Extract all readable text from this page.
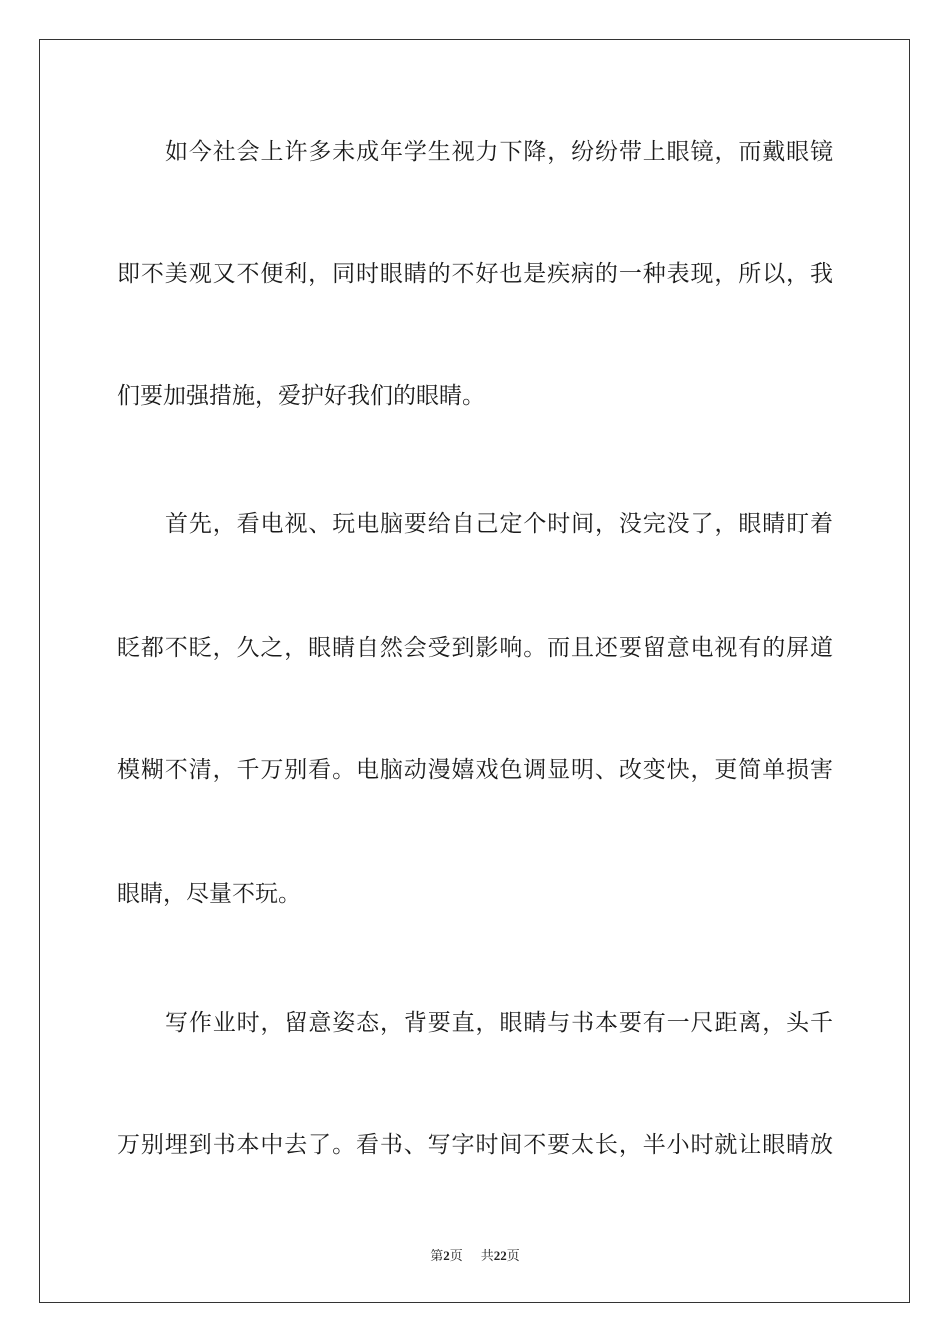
如今社会上许多未成年学生视力下降，纷纷带上眼镜，而戴眼镜
即不美观又不便利，同时眼睛的不好也是疾病的一种表现，所以，我
们要加强措施，爱护好我们的眼睛。
首先，看电视、玩电脑要给自己定个时间，没完没了，眼睛盯着
眨都不眨，久之，眼睛自然会受到影响。而且还要留意电视有的屏道
模糊不清，千万别看。电脑动漫嬉戏色调显明、改变快，更简单损害
眼睛，尽量不玩。
写作业时，留意姿态，背要直，眼睛与书本要有一尺距离，头千
万别埋到书本中去了。看书、写字时间不要太长，半小时就让眼睛放
第2页 共22页
